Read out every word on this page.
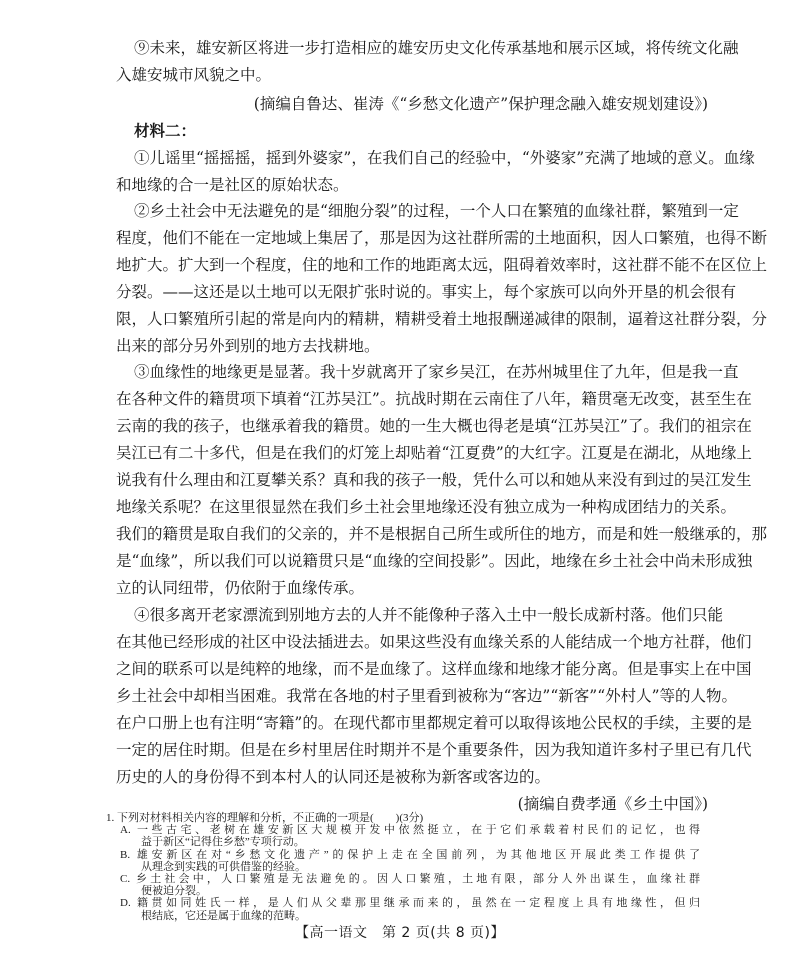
⑨未来，雄安新区将进一步打造相应的雄安历史文化传承基地和展示区域，将传统文化融
入雄安城市风貌之中。
(摘编自鲁达、崔涛《“乡愁文化遗产”保护理念融入雄安规划建设》)
材料二：
①儿谣里“摇摇摇，摇到外婆家”，在我们自己的经验中，“外婆家”充满了地域的意义。血缘
和地缘的合一是社区的原始状态。
②乡土社会中无法避免的是“细胞分裂”的过程，一个人口在繁殖的血缘社群，繁殖到一定
程度，他们不能在一定地域上集居了，那是因为这社群所需的土地面积，因人口繁殖，也得不断
地扩大。扩大到一个程度，住的地和工作的地距离太远，阻碍着效率时，这社群不能不在区位上
分裂。——这还是以土地可以无限扩张时说的。事实上，每个家族可以向外开垦的机会很有
限，人口繁殖所引起的常是向内的精耕，精耕受着土地报酬递减律的限制，逼着这社群分裂，分
出来的部分另外到别的地方去找耕地。
③血缘性的地缘更是显著。我十岁就离开了家乡吴江，在苏州城里住了九年，但是我一直
在各种文件的籍贯项下填着“江苏吴江”。抗战时期在云南住了八年，籍贯毫无改变，甚至生在
云南的我的孩子，也继承着我的籍贯。她的一生大概也得老是填“江苏吴江”了。我们的祖宗在
吴江已有二十多代，但是在我们的灯笼上却贴着“江夏费”的大红字。江夏是在湖北，从地缘上
说我有什么理由和江夏攀关系？真和我的孩子一般，凭什么可以和她从来没有到过的吴江发生
地缘关系呢？在这里很显然在我们乡土社会里地缘还没有独立成为一种构成团结力的关系。
我们的籍贯是取自我们的父亲的，并不是根据自己所生或所住的地方，而是和姓一般继承的，那
是“血缘”，所以我们可以说籍贯只是“血缘的空间投影”。因此，地缘在乡土社会中尚未形成独
立的认同纽带，仍依附于血缘传承。
④很多离开老家漂流到别地方去的人并不能像种子落入土中一般长成新村落。他们只能
在其他已经形成的社区中设法插进去。如果这些没有血缘关系的人能结成一个地方社群，他们
之间的联系可以是纯粹的地缘，而不是血缘了。这样血缘和地缘才能分离。但是事实上在中国
乡土社会中却相当困难。我常在各地的村子里看到被称为“客边”“新客”“外村人”等的人物。
在户口册上也有注明“寄籍”的。在现代都市里都规定着可以取得该地公民权的手续，主要的是
一定的居住时期。但是在乡村里居住时期并不是个重要条件，因为我知道许多村子里已有几代
历史的人的身份得不到本村人的认同还是被称为新客或客边的。
(摘编自费孝通《乡土中国》)
1. 下列对材料相关内容的理解和分析，不正确的一项是(　　)(3分)
A. 一些古宅、老树在雄安新区大规模开发中依然挺立，在于它们承载着村民们的记忆，也得
益于新区“记得住乡愁”专项行动。
B. 雄安新区在对“乡愁文化遗产”的保护上走在全国前列，为其他地区开展此类工作提供了
从理念到实践的可供借鉴的经验。
C. 乡土社会中，人口繁殖是无法避免的。因人口繁殖，土地有限，部分人外出谋生，血缘社群
便被迫分裂。
D. 籍贯如同姓氏一样，是人们从父辈那里继承而来的，虽然在一定程度上具有地缘性，但归
根结底，它还是属于血缘的范畴。
【高一语文　第 2 页(共 8 页)】
